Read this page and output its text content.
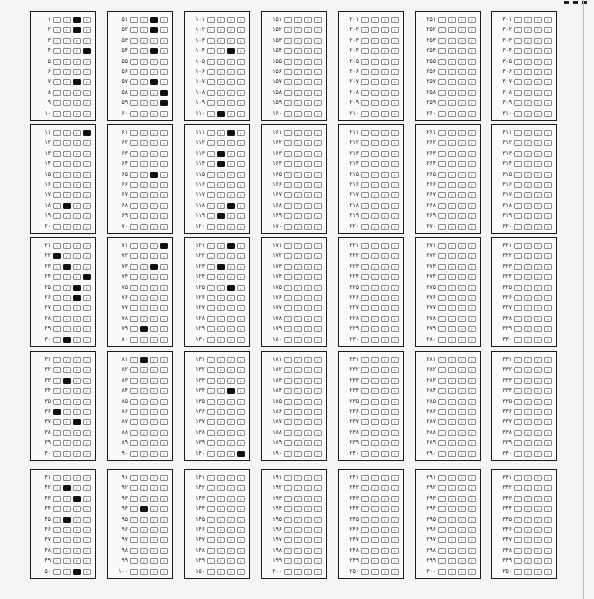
۱	۱	۲	۳	۴
۲	۱	۲	۳	۴
۳	۱	۲	۳	۴
۴	۱	۲	۳	۴
۵	۱	۲	۳	۴
۶	۱	۲	۳	۴
۷	۱	۲	۳	۴
۸	۱	۲	۳	۴
۹	۱	۲	۳	۴
۱۰	۱	۲	۳	۴
۵۱	۱	۲	۳	۴
۵۲	۱	۲	۳	۴
۵۳	۱	۲	۳	۴
۵۴	۱	۲	۳	۴
۵۵	۱	۲	۳	۴
۵۶	۱	۲	۳	۴
۵۷	۱	۲	۳	۴
۵۸	۱	۲	۳	۴
۵۹	۱	۲	۳	۴
۶۰	۱	۲	۳	۴
۱۰۱	۱	۲	۳	۴
۱۰۲	۱	۲	۳	۴
۱۰۳	۱	۲	۳	۴
۱۰۴	۱	۲	۳	۴
۱۰۵	۱	۲	۳	۴
۱۰۶	۱	۲	۳	۴
۱۰۷	۱	۲	۳	۴
۱۰۸	۱	۲	۳	۴
۱۰۹	۱	۲	۳	۴
۱۱۰	۱	۲	۳	۴
۱۵۱	۱	۲	۳	۴
۱۵۲	۱	۲	۳	۴
۱۵۳	۱	۲	۳	۴
۱۵۴	۱	۲	۳	۴
۱۵۵	۱	۲	۳	۴
۱۵۶	۱	۲	۳	۴
۱۵۷	۱	۲	۳	۴
۱۵۸	۱	۲	۳	۴
۱۵۹	۱	۲	۳	۴
۱۶۰	۱	۲	۳	۴
۲۰۱	۱	۲	۳	۴
۲۰۲	۱	۲	۳	۴
۲۰۳	۱	۲	۳	۴
۲۰۴	۱	۲	۳	۴
۲۰۵	۱	۲	۳	۴
۲۰۶	۱	۲	۳	۴
۲۰۷	۱	۲	۳	۴
۲۰۸	۱	۲	۳	۴
۲۰۹	۱	۲	۳	۴
۲۱۰	۱	۲	۳	۴
۲۵۱	۱	۲	۳	۴
۲۵۲	۱	۲	۳	۴
۲۵۳	۱	۲	۳	۴
۲۵۴	۱	۲	۳	۴
۲۵۵	۱	۲	۳	۴
۲۵۶	۱	۲	۳	۴
۲۵۷	۱	۲	۳	۴
۲۵۸	۱	۲	۳	۴
۲۵۹	۱	۲	۳	۴
۲۶۰	۱	۲	۳	۴
۳۰۱	۱	۲	۳	۴
۳۰۲	۱	۲	۳	۴
۳۰۳	۱	۲	۳	۴
۳۰۴	۱	۲	۳	۴
۳۰۵	۱	۲	۳	۴
۳۰۶	۱	۲	۳	۴
۳۰۷	۱	۲	۳	۴
۳۰۸	۱	۲	۳	۴
۳۰۹	۱	۲	۳	۴
۳۱۰	۱	۲	۳	۴
۱۱	۱	۲	۳	۴
۱۲	۱	۲	۳	۴
۱۳	۱	۲	۳	۴
۱۴	۱	۲	۳	۴
۱۵	۱	۲	۳	۴
۱۶	۱	۲	۳	۴
۱۷	۱	۲	۳	۴
۱۸	۱	۲	۳	۴
۱۹	۱	۲	۳	۴
۲۰	۱	۲	۳	۴
۶۱	۱	۲	۳	۴
۶۲	۱	۲	۳	۴
۶۳	۱	۲	۳	۴
۶۴	۱	۲	۳	۴
۶۵	۱	۲	۳	۴
۶۶	۱	۲	۳	۴
۶۷	۱	۲	۳	۴
۶۸	۱	۲	۳	۴
۶۹	۱	۲	۳	۴
۷۰	۱	۲	۳	۴
۱۱۱	۱	۲	۳	۴
۱۱۲	۱	۲	۳	۴
۱۱۳	۱	۲	۳	۴
۱۱۴	۱	۲	۳	۴
۱۱۵	۱	۲	۳	۴
۱۱۶	۱	۲	۳	۴
۱۱۷	۱	۲	۳	۴
۱۱۸	۱	۲	۳	۴
۱۱۹	۱	۲	۳	۴
۱۲۰	۱	۲	۳	۴
۱۶۱	۱	۲	۳	۴
۱۶۲	۱	۲	۳	۴
۱۶۳	۱	۲	۳	۴
۱۶۴	۱	۲	۳	۴
۱۶۵	۱	۲	۳	۴
۱۶۶	۱	۲	۳	۴
۱۶۷	۱	۲	۳	۴
۱۶۸	۱	۲	۳	۴
۱۶۹	۱	۲	۳	۴
۱۷۰	۱	۲	۳	۴
۲۱۱	۱	۲	۳	۴
۲۱۲	۱	۲	۳	۴
۲۱۳	۱	۲	۳	۴
۲۱۴	۱	۲	۳	۴
۲۱۵	۱	۲	۳	۴
۲۱۶	۱	۲	۳	۴
۲۱۷	۱	۲	۳	۴
۲۱۸	۱	۲	۳	۴
۲۱۹	۱	۲	۳	۴
۲۲۰	۱	۲	۳	۴
۲۶۱	۱	۲	۳	۴
۲۶۲	۱	۲	۳	۴
۲۶۳	۱	۲	۳	۴
۲۶۴	۱	۲	۳	۴
۲۶۵	۱	۲	۳	۴
۲۶۶	۱	۲	۳	۴
۲۶۷	۱	۲	۳	۴
۲۶۸	۱	۲	۳	۴
۲۶۹	۱	۲	۳	۴
۲۷۰	۱	۲	۳	۴
۳۱۱	۱	۲	۳	۴
۳۱۲	۱	۲	۳	۴
۳۱۳	۱	۲	۳	۴
۳۱۴	۱	۲	۳	۴
۳۱۵	۱	۲	۳	۴
۳۱۶	۱	۲	۳	۴
۳۱۷	۱	۲	۳	۴
۳۱۸	۱	۲	۳	۴
۳۱۹	۱	۲	۳	۴
۳۲۰	۱	۲	۳	۴
۲۱	۱	۲	۳	۴
۲۲	۱	۲	۳	۴
۲۳	۱	۲	۳	۴
۲۴	۱	۲	۳	۴
۲۵	۱	۲	۳	۴
۲۶	۱	۲	۳	۴
۲۷	۱	۲	۳	۴
۲۸	۱	۲	۳	۴
۲۹	۱	۲	۳	۴
۳۰	۱	۲	۳	۴
۷۱	۱	۲	۳	۴
۷۲	۱	۲	۳	۴
۷۳	۱	۲	۳	۴
۷۴	۱	۲	۳	۴
۷۵	۱	۲	۳	۴
۷۶	۱	۲	۳	۴
۷۷	۱	۲	۳	۴
۷۸	۱	۲	۳	۴
۷۹	۱	۲	۳	۴
۸۰	۱	۲	۳	۴
۱۲۱	۱	۲	۳	۴
۱۲۲	۱	۲	۳	۴
۱۲۳	۱	۲	۳	۴
۱۲۴	۱	۲	۳	۴
۱۲۵	۱	۲	۳	۴
۱۲۶	۱	۲	۳	۴
۱۲۷	۱	۲	۳	۴
۱۲۸	۱	۲	۳	۴
۱۲۹	۱	۲	۳	۴
۱۳۰	۱	۲	۳	۴
۱۷۱	۱	۲	۳	۴
۱۷۲	۱	۲	۳	۴
۱۷۳	۱	۲	۳	۴
۱۷۴	۱	۲	۳	۴
۱۷۵	۱	۲	۳	۴
۱۷۶	۱	۲	۳	۴
۱۷۷	۱	۲	۳	۴
۱۷۸	۱	۲	۳	۴
۱۷۹	۱	۲	۳	۴
۱۸۰	۱	۲	۳	۴
۲۲۱	۱	۲	۳	۴
۲۲۲	۱	۲	۳	۴
۲۲۳	۱	۲	۳	۴
۲۲۴	۱	۲	۳	۴
۲۲۵	۱	۲	۳	۴
۲۲۶	۱	۲	۳	۴
۲۲۷	۱	۲	۳	۴
۲۲۸	۱	۲	۳	۴
۲۲۹	۱	۲	۳	۴
۲۳۰	۱	۲	۳	۴
۲۷۱	۱	۲	۳	۴
۲۷۲	۱	۲	۳	۴
۲۷۳	۱	۲	۳	۴
۲۷۴	۱	۲	۳	۴
۲۷۵	۱	۲	۳	۴
۲۷۶	۱	۲	۳	۴
۲۷۷	۱	۲	۳	۴
۲۷۸	۱	۲	۳	۴
۲۷۹	۱	۲	۳	۴
۲۸۰	۱	۲	۳	۴
۳۲۱	۱	۲	۳	۴
۳۲۲	۱	۲	۳	۴
۳۲۳	۱	۲	۳	۴
۳۲۴	۱	۲	۳	۴
۳۲۵	۱	۲	۳	۴
۳۲۶	۱	۲	۳	۴
۳۲۷	۱	۲	۳	۴
۳۲۸	۱	۲	۳	۴
۳۲۹	۱	۲	۳	۴
۳۳۰	۱	۲	۳	۴
۳۱	۱	۲	۳	۴
۳۲	۱	۲	۳	۴
۳۳	۱	۲	۳	۴
۳۴	۱	۲	۳	۴
۳۵	۱	۲	۳	۴
۳۶	۱	۲	۳	۴
۳۷	۱	۲	۳	۴
۳۸	۱	۲	۳	۴
۳۹	۱	۲	۳	۴
۴۰	۱	۲	۳	۴
۸۱	۱	۲	۳	۴
۸۲	۱	۲	۳	۴
۸۳	۱	۲	۳	۴
۸۴	۱	۲	۳	۴
۸۵	۱	۲	۳	۴
۸۶	۱	۲	۳	۴
۸۷	۱	۲	۳	۴
۸۸	۱	۲	۳	۴
۸۹	۱	۲	۳	۴
۹۰	۱	۲	۳	۴
۱۳۱	۱	۲	۳	۴
۱۳۲	۱	۲	۳	۴
۱۳۳	۱	۲	۳	۴
۱۳۴	۱	۲	۳	۴
۱۳۵	۱	۲	۳	۴
۱۳۶	۱	۲	۳	۴
۱۳۷	۱	۲	۳	۴
۱۳۸	۱	۲	۳	۴
۱۳۹	۱	۲	۳	۴
۱۴۰	۱	۲	۳	۴
۱۸۱	۱	۲	۳	۴
۱۸۲	۱	۲	۳	۴
۱۸۳	۱	۲	۳	۴
۱۸۴	۱	۲	۳	۴
۱۸۵	۱	۲	۳	۴
۱۸۶	۱	۲	۳	۴
۱۸۷	۱	۲	۳	۴
۱۸۸	۱	۲	۳	۴
۱۸۹	۱	۲	۳	۴
۱۹۰	۱	۲	۳	۴
۲۳۱	۱	۲	۳	۴
۲۳۲	۱	۲	۳	۴
۲۳۳	۱	۲	۳	۴
۲۳۴	۱	۲	۳	۴
۲۳۵	۱	۲	۳	۴
۲۳۶	۱	۲	۳	۴
۲۳۷	۱	۲	۳	۴
۲۳۸	۱	۲	۳	۴
۲۳۹	۱	۲	۳	۴
۲۴۰	۱	۲	۳	۴
۲۸۱	۱	۲	۳	۴
۲۸۲	۱	۲	۳	۴
۲۸۳	۱	۲	۳	۴
۲۸۴	۱	۲	۳	۴
۲۸۵	۱	۲	۳	۴
۲۸۶	۱	۲	۳	۴
۲۸۷	۱	۲	۳	۴
۲۸۸	۱	۲	۳	۴
۲۸۹	۱	۲	۳	۴
۲۹۰	۱	۲	۳	۴
۳۳۱	۱	۲	۳	۴
۳۳۲	۱	۲	۳	۴
۳۳۳	۱	۲	۳	۴
۳۳۴	۱	۲	۳	۴
۳۳۵	۱	۲	۳	۴
۳۳۶	۱	۲	۳	۴
۳۳۷	۱	۲	۳	۴
۳۳۸	۱	۲	۳	۴
۳۳۹	۱	۲	۳	۴
۳۴۰	۱	۲	۳	۴
۴۱	۱	۲	۳	۴
۴۲	۱	۲	۳	۴
۴۳	۱	۲	۳	۴
۴۴	۱	۲	۳	۴
۴۵	۱	۲	۳	۴
۴۶	۱	۲	۳	۴
۴۷	۱	۲	۳	۴
۴۸	۱	۲	۳	۴
۴۹	۱	۲	۳	۴
۵۰	۱	۲	۳	۴
۹۱	۱	۲	۳	۴
۹۲	۱	۲	۳	۴
۹۳	۱	۲	۳	۴
۹۴	۱	۲	۳	۴
۹۵	۱	۲	۳	۴
۹۶	۱	۲	۳	۴
۹۷	۱	۲	۳	۴
۹۸	۱	۲	۳	۴
۹۹	۱	۲	۳	۴
۱۰۰	۱	۲	۳	۴
۱۴۱	۱	۲	۳	۴
۱۴۲	۱	۲	۳	۴
۱۴۳	۱	۲	۳	۴
۱۴۴	۱	۲	۳	۴
۱۴۵	۱	۲	۳	۴
۱۴۶	۱	۲	۳	۴
۱۴۷	۱	۲	۳	۴
۱۴۸	۱	۲	۳	۴
۱۴۹	۱	۲	۳	۴
۱۵۰	۱	۲	۳	۴
۱۹۱	۱	۲	۳	۴
۱۹۲	۱	۲	۳	۴
۱۹۳	۱	۲	۳	۴
۱۹۴	۱	۲	۳	۴
۱۹۵	۱	۲	۳	۴
۱۹۶	۱	۲	۳	۴
۱۹۷	۱	۲	۳	۴
۱۹۸	۱	۲	۳	۴
۱۹۹	۱	۲	۳	۴
۲۰۰	۱	۲	۳	۴
۲۴۱	۱	۲	۳	۴
۲۴۲	۱	۲	۳	۴
۲۴۳	۱	۲	۳	۴
۲۴۴	۱	۲	۳	۴
۲۴۵	۱	۲	۳	۴
۲۴۶	۱	۲	۳	۴
۲۴۷	۱	۲	۳	۴
۲۴۸	۱	۲	۳	۴
۲۴۹	۱	۲	۳	۴
۲۵۰	۱	۲	۳	۴
۲۹۱	۱	۲	۳	۴
۲۹۲	۱	۲	۳	۴
۲۹۳	۱	۲	۳	۴
۲۹۴	۱	۲	۳	۴
۲۹۵	۱	۲	۳	۴
۲۹۶	۱	۲	۳	۴
۲۹۷	۱	۲	۳	۴
۲۹۸	۱	۲	۳	۴
۲۹۹	۱	۲	۳	۴
۳۰۰	۱	۲	۳	۴
۳۴۱	۱	۲	۳	۴
۳۴۲	۱	۲	۳	۴
۳۴۳	۱	۲	۳	۴
۳۴۴	۱	۲	۳	۴
۳۴۵	۱	۲	۳	۴
۳۴۶	۱	۲	۳	۴
۳۴۷	۱	۲	۳	۴
۳۴۸	۱	۲	۳	۴
۳۴۹	۱	۲	۳	۴
۳۵۰	۱	۲	۳	۴
